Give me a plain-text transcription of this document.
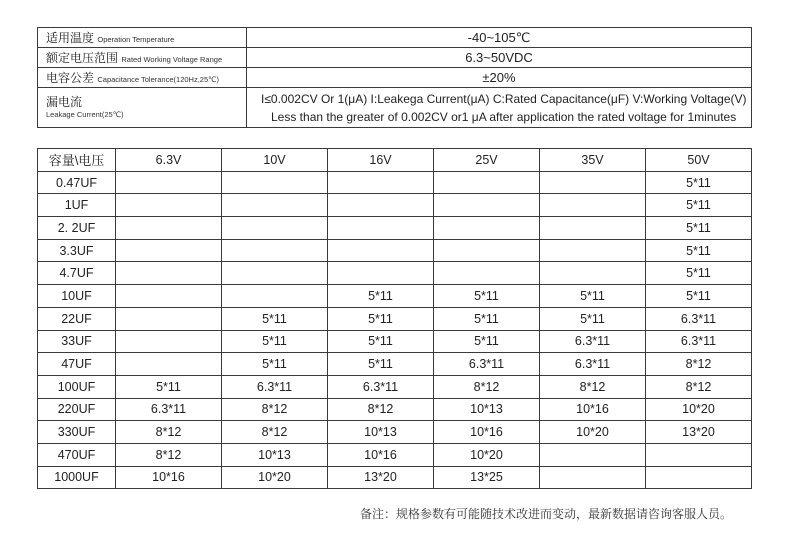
适用温度 Operation Temperature	-40~105℃
额定电压范围 Rated Working Voltage Range	6.3~50VDC
电容公差 Capacitance Tolerance(120Hz,25℃)	±20%

漏电流
Leakage Current(25℃)	I≤0.002CV Or 1(μA) I:Leakega Current(μA) C:Rated Capacitance(μF) V:Working Voltage(V)
Less than the greater of 0.002CV or1 μA after application the rated voltage for 1minutes
容量\电压	6.3V	10V	16V	25V	35V	50V
0.47UF						5*11
1UF						5*11
2. 2UF						5*11
3.3UF						5*11
4.7UF						5*11
10UF			5*11	5*11	5*11	5*11
22UF		5*11	5*11	5*11	5*11	6.3*11
33UF		5*11	5*11	5*11	6.3*11	6.3*11
47UF		5*11	5*11	6.3*11	6.3*11	8*12
100UF	5*11	6.3*11	6.3*11	8*12	8*12	8*12
220UF	6.3*11	8*12	8*12	10*13	10*16	10*20
330UF	8*12	8*12	10*13	10*16	10*20	13*20
470UF	8*12	10*13	10*16	10*20		
1000UF	10*16	10*20	13*20	13*25		
备注：规格参数有可能随技术改进而变动，最新数据请咨询客服人员。
